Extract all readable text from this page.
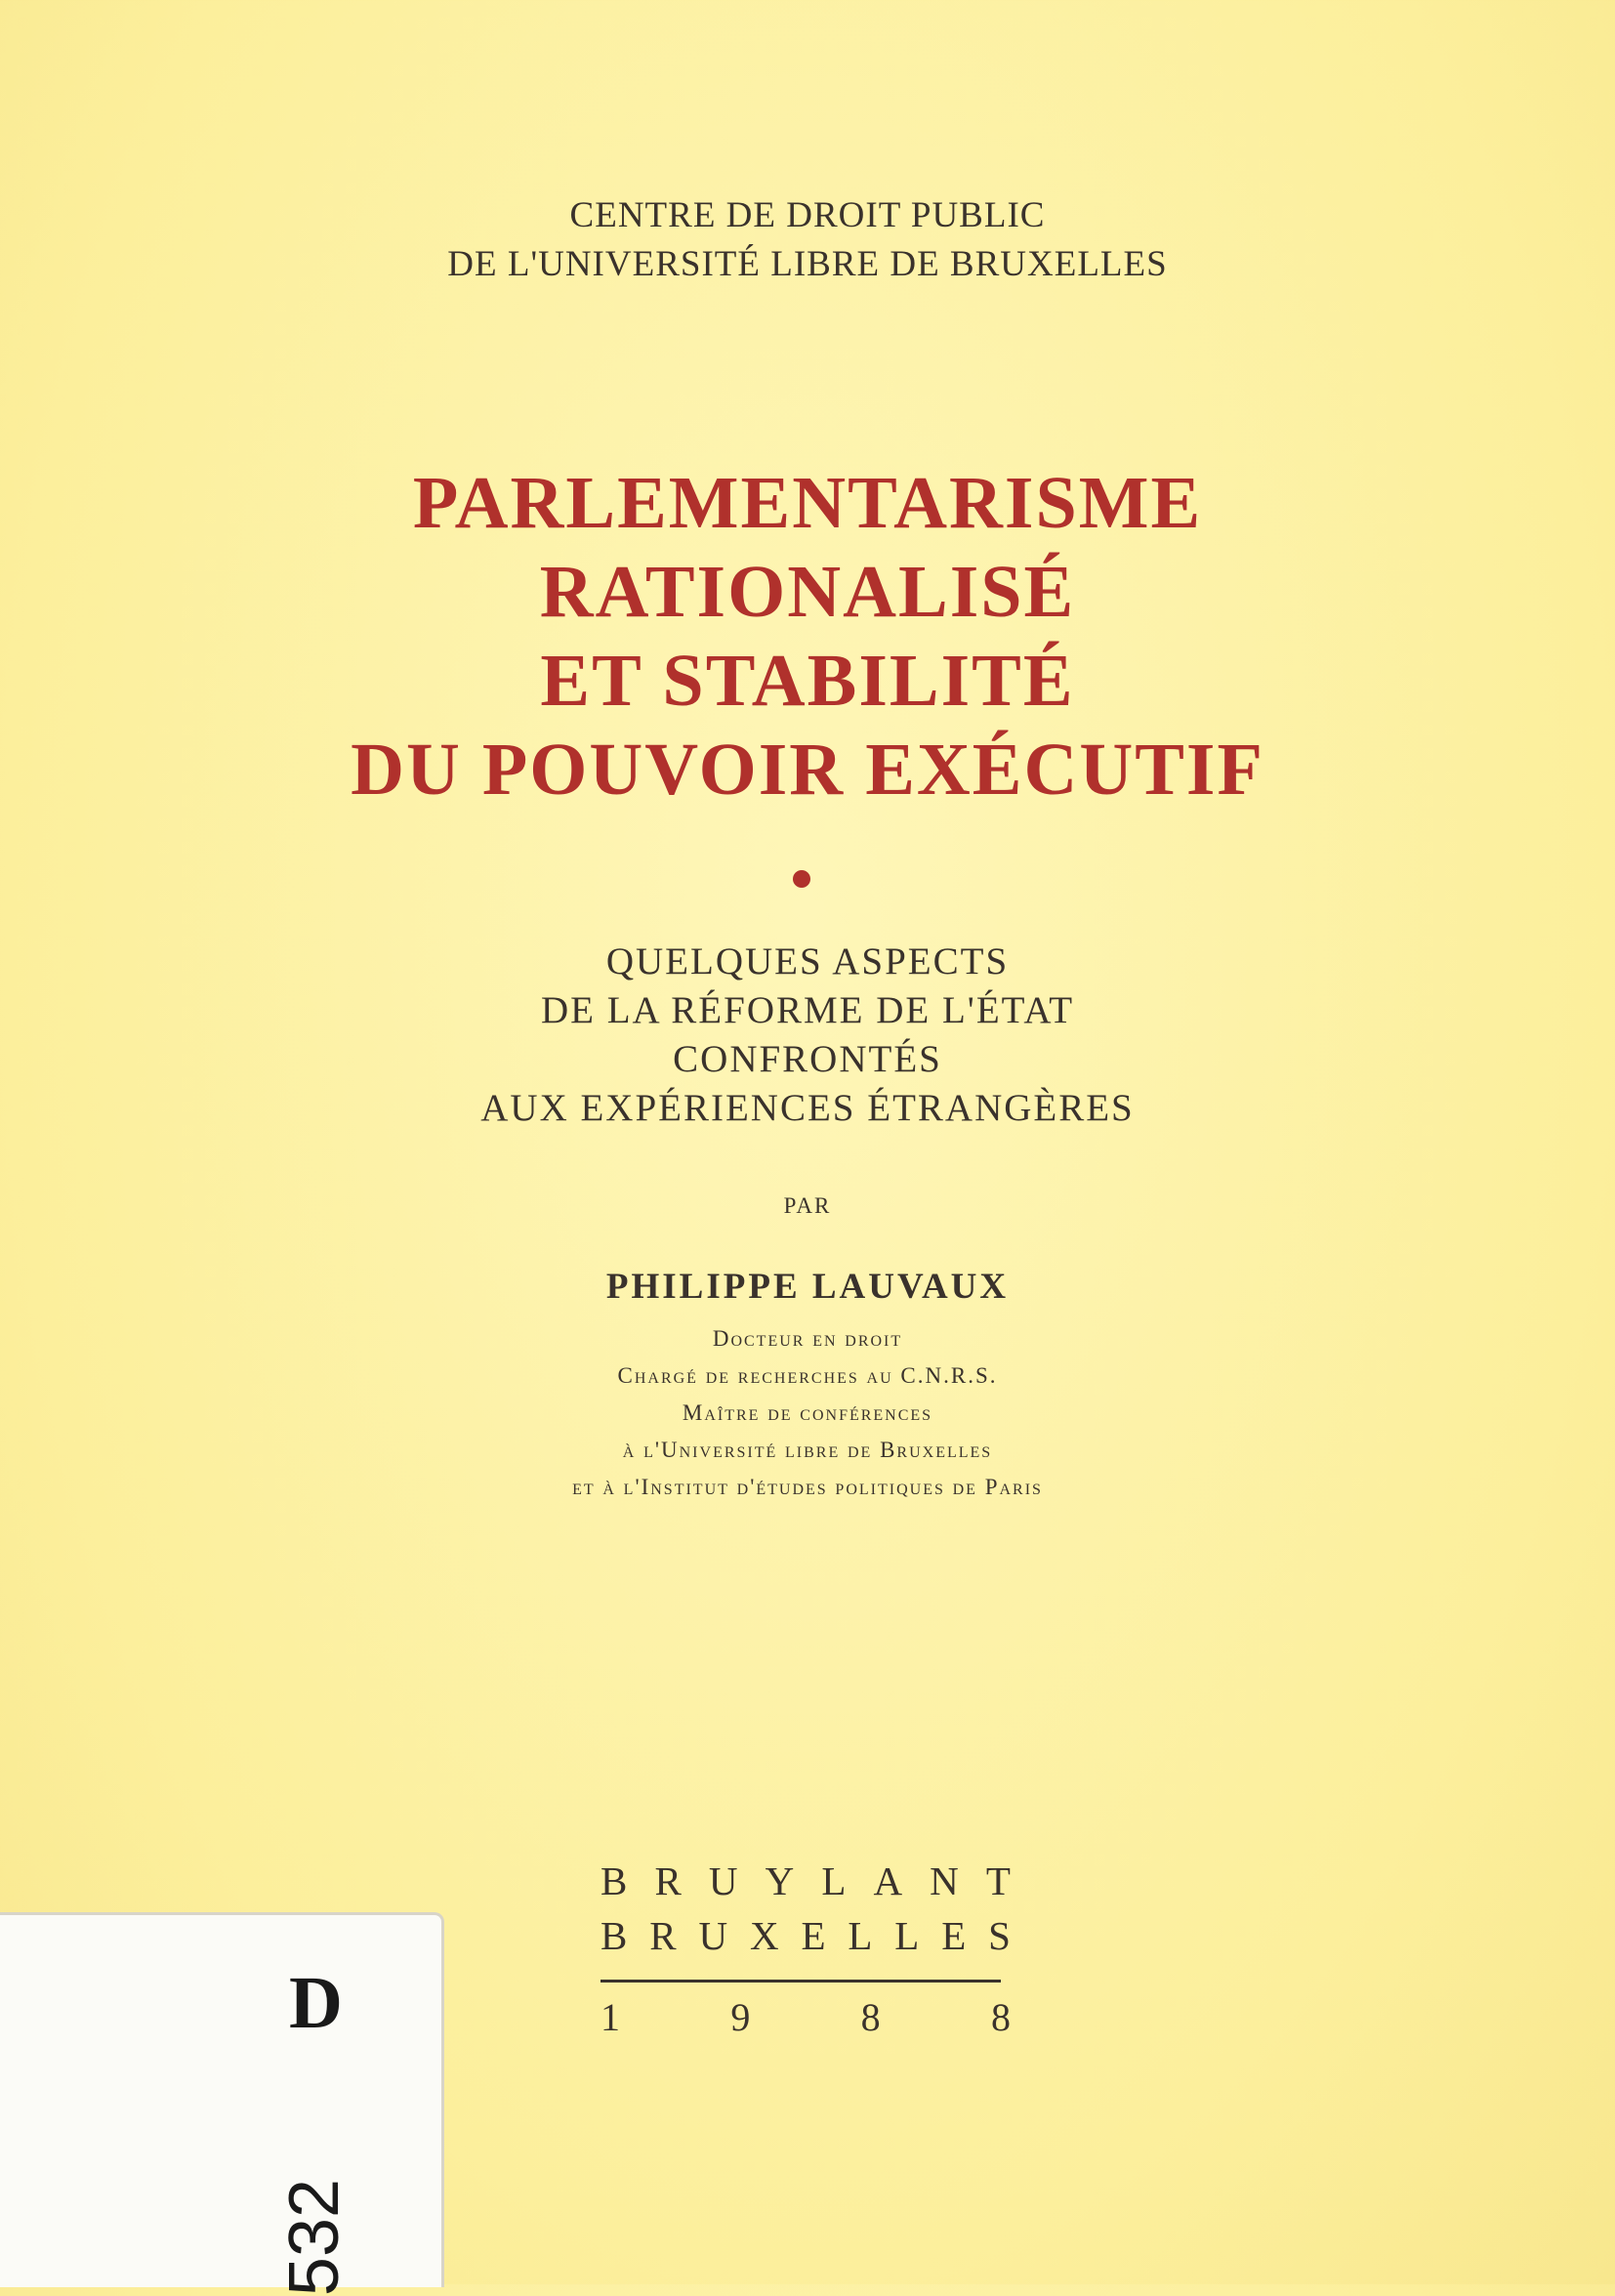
CENTRE DE DROIT PUBLIC
DE L'UNIVERSITÉ LIBRE DE BRUXELLES
PARLEMENTARISME
RATIONALISÉ
ET STABILITÉ
DU POUVOIR EXÉCUTIF
QUELQUES ASPECTS
DE LA RÉFORME DE L'ÉTAT
CONFRONTÉS
AUX EXPÉRIENCES ÉTRANGÈRES
PAR
PHILIPPE LAUVAUX
Docteur en droit
Chargé de recherches au C.N.R.S.
Maître de conférences
à l'Université libre de Bruxelles
et à l'Institut d'études politiques de Paris
B R U Y L A N T
B R U X E L L E S
1	9	8	8
D
532
